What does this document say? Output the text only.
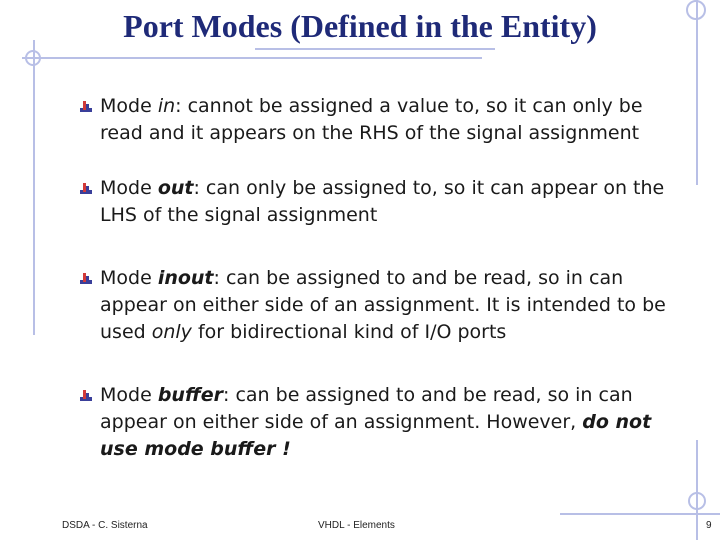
Port Modes (Defined in the Entity)
Mode in: cannot be assigned a value to, so it can only be read and it appears on the RHS of the signal assignment
Mode out: can only be assigned to, so it can appear on the LHS of the signal assignment
Mode inout: can be assigned to and be read, so in can appear on either side of an assignment. It is intended to be used only for bidirectional kind of I/O ports
Mode buffer: can be assigned to and be read, so in can appear on either side of an assignment. However, do not use mode buffer !
DSDA - C. Sisterna	VHDL - Elements	9
